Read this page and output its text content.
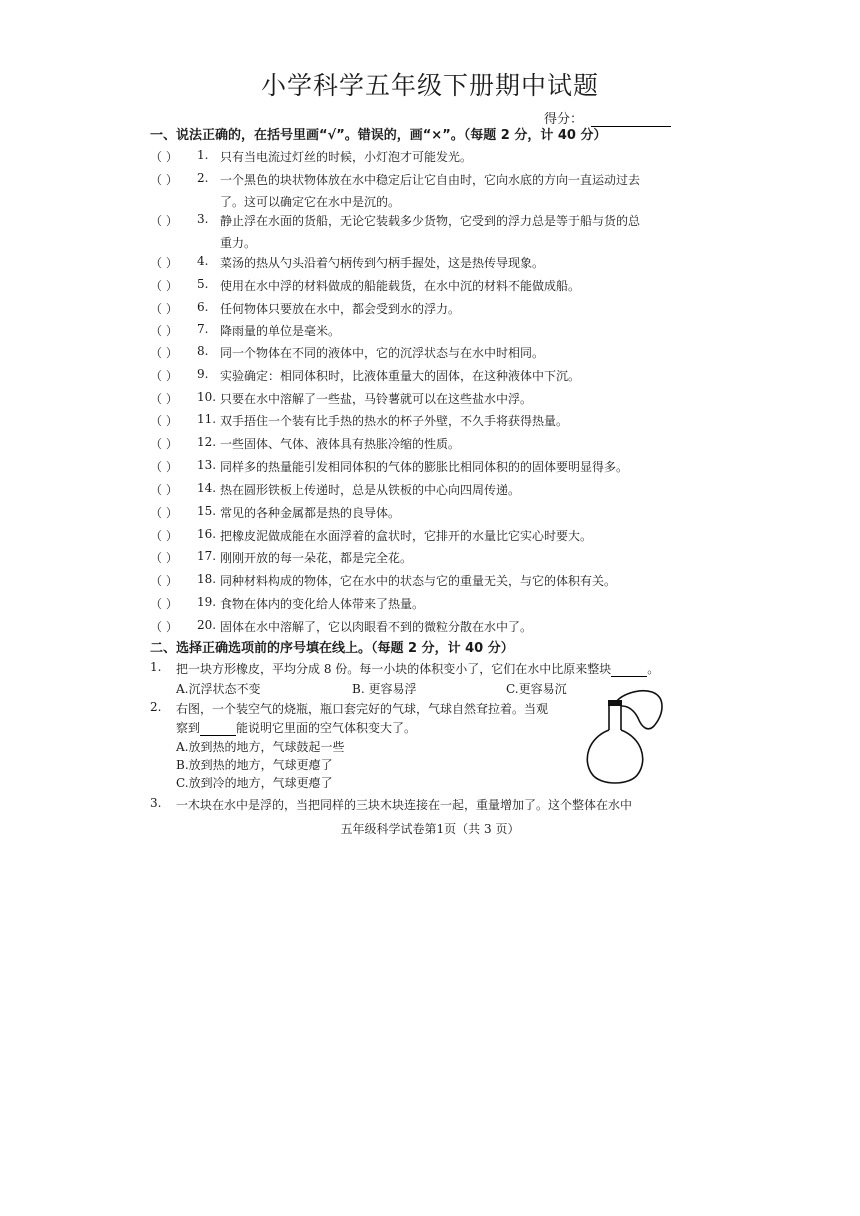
小学科学五年级下册期中试题
得分：
一、说法正确的，在括号里画“√”。错误的，画“×”。（每题 2 分，计 40 分）
（ ）	1. 只有当电流过灯丝的时候，小灯泡才可能发光。
（ ）	2. 一个黑色的块状物体放在水中稳定后让它自由时，它向水底的方向一直运动过去
了。这可以确定它在水中是沉的。
（ ）	3. 静止浮在水面的货船，无论它装载多少货物，它受到的浮力总是等于船与货的总
重力。
（ ）	4. 菜汤的热从勺头沿着勺柄传到勺柄手握处，这是热传导现象。
（ ）	5. 使用在水中浮的材料做成的船能载货，在水中沉的材料不能做成船。
（ ）	6. 任何物体只要放在水中，都会受到水的浮力。
（ ）	7. 降雨量的单位是毫米。
（ ）	8. 同一个物体在不同的液体中，它的沉浮状态与在水中时相同。
（ ）	9. 实验确定：相同体积时，比液体重量大的固体，在这种液体中下沉。
（ ）	10. 只要在水中溶解了一些盐，马铃薯就可以在这些盐水中浮。
（ ）	11. 双手捂住一个装有比手热的热水的杯子外壁，不久手将获得热量。
（ ）	12. 一些固体、气体、液体具有热胀冷缩的性质。
（ ）	13. 同样多的热量能引发相同体积的气体的膨胀比相同体积的的固体要明显得多。
（ ）	14. 热在圆形铁板上传递时，总是从铁板的中心向四周传递。
（ ）	15. 常见的各种金属都是热的良导体。
（ ）	16. 把橡皮泥做成能在水面浮着的盒状时，它排开的水量比它实心时要大。
（ ）	17. 刚刚开放的每一朵花，都是完全花。
（ ）	18. 同种材料构成的物体，它在水中的状态与它的重量无关，与它的体积有关。
（ ）	19. 食物在体内的变化给人体带来了热量。
（ ）	20. 固体在水中溶解了，它以肉眼看不到的微粒分散在水中了。
二、选择正确选项前的序号填在线上。（每题 2 分，计 40 分）
1. 把一块方形橡皮，平均分成 8 份。每一小块的体积变小了，它们在水中比原来整块	。
A.沉浮状态不变	B. 更容易浮	C.更容易沉
2. 右图，一个装空气的烧瓶，瓶口套完好的气球，气球自然耷拉着。当观
察到	能说明它里面的空气体积变大了。
A.放到热的地方，气球鼓起一些
B.放到热的地方，气球更瘪了
C.放到冷的地方，气球更瘪了
3. 一木块在水中是浮的，当把同样的三块木块连接在一起，重量增加了。这个整体在水中
五年级科学试卷第1页（共 3 页）
